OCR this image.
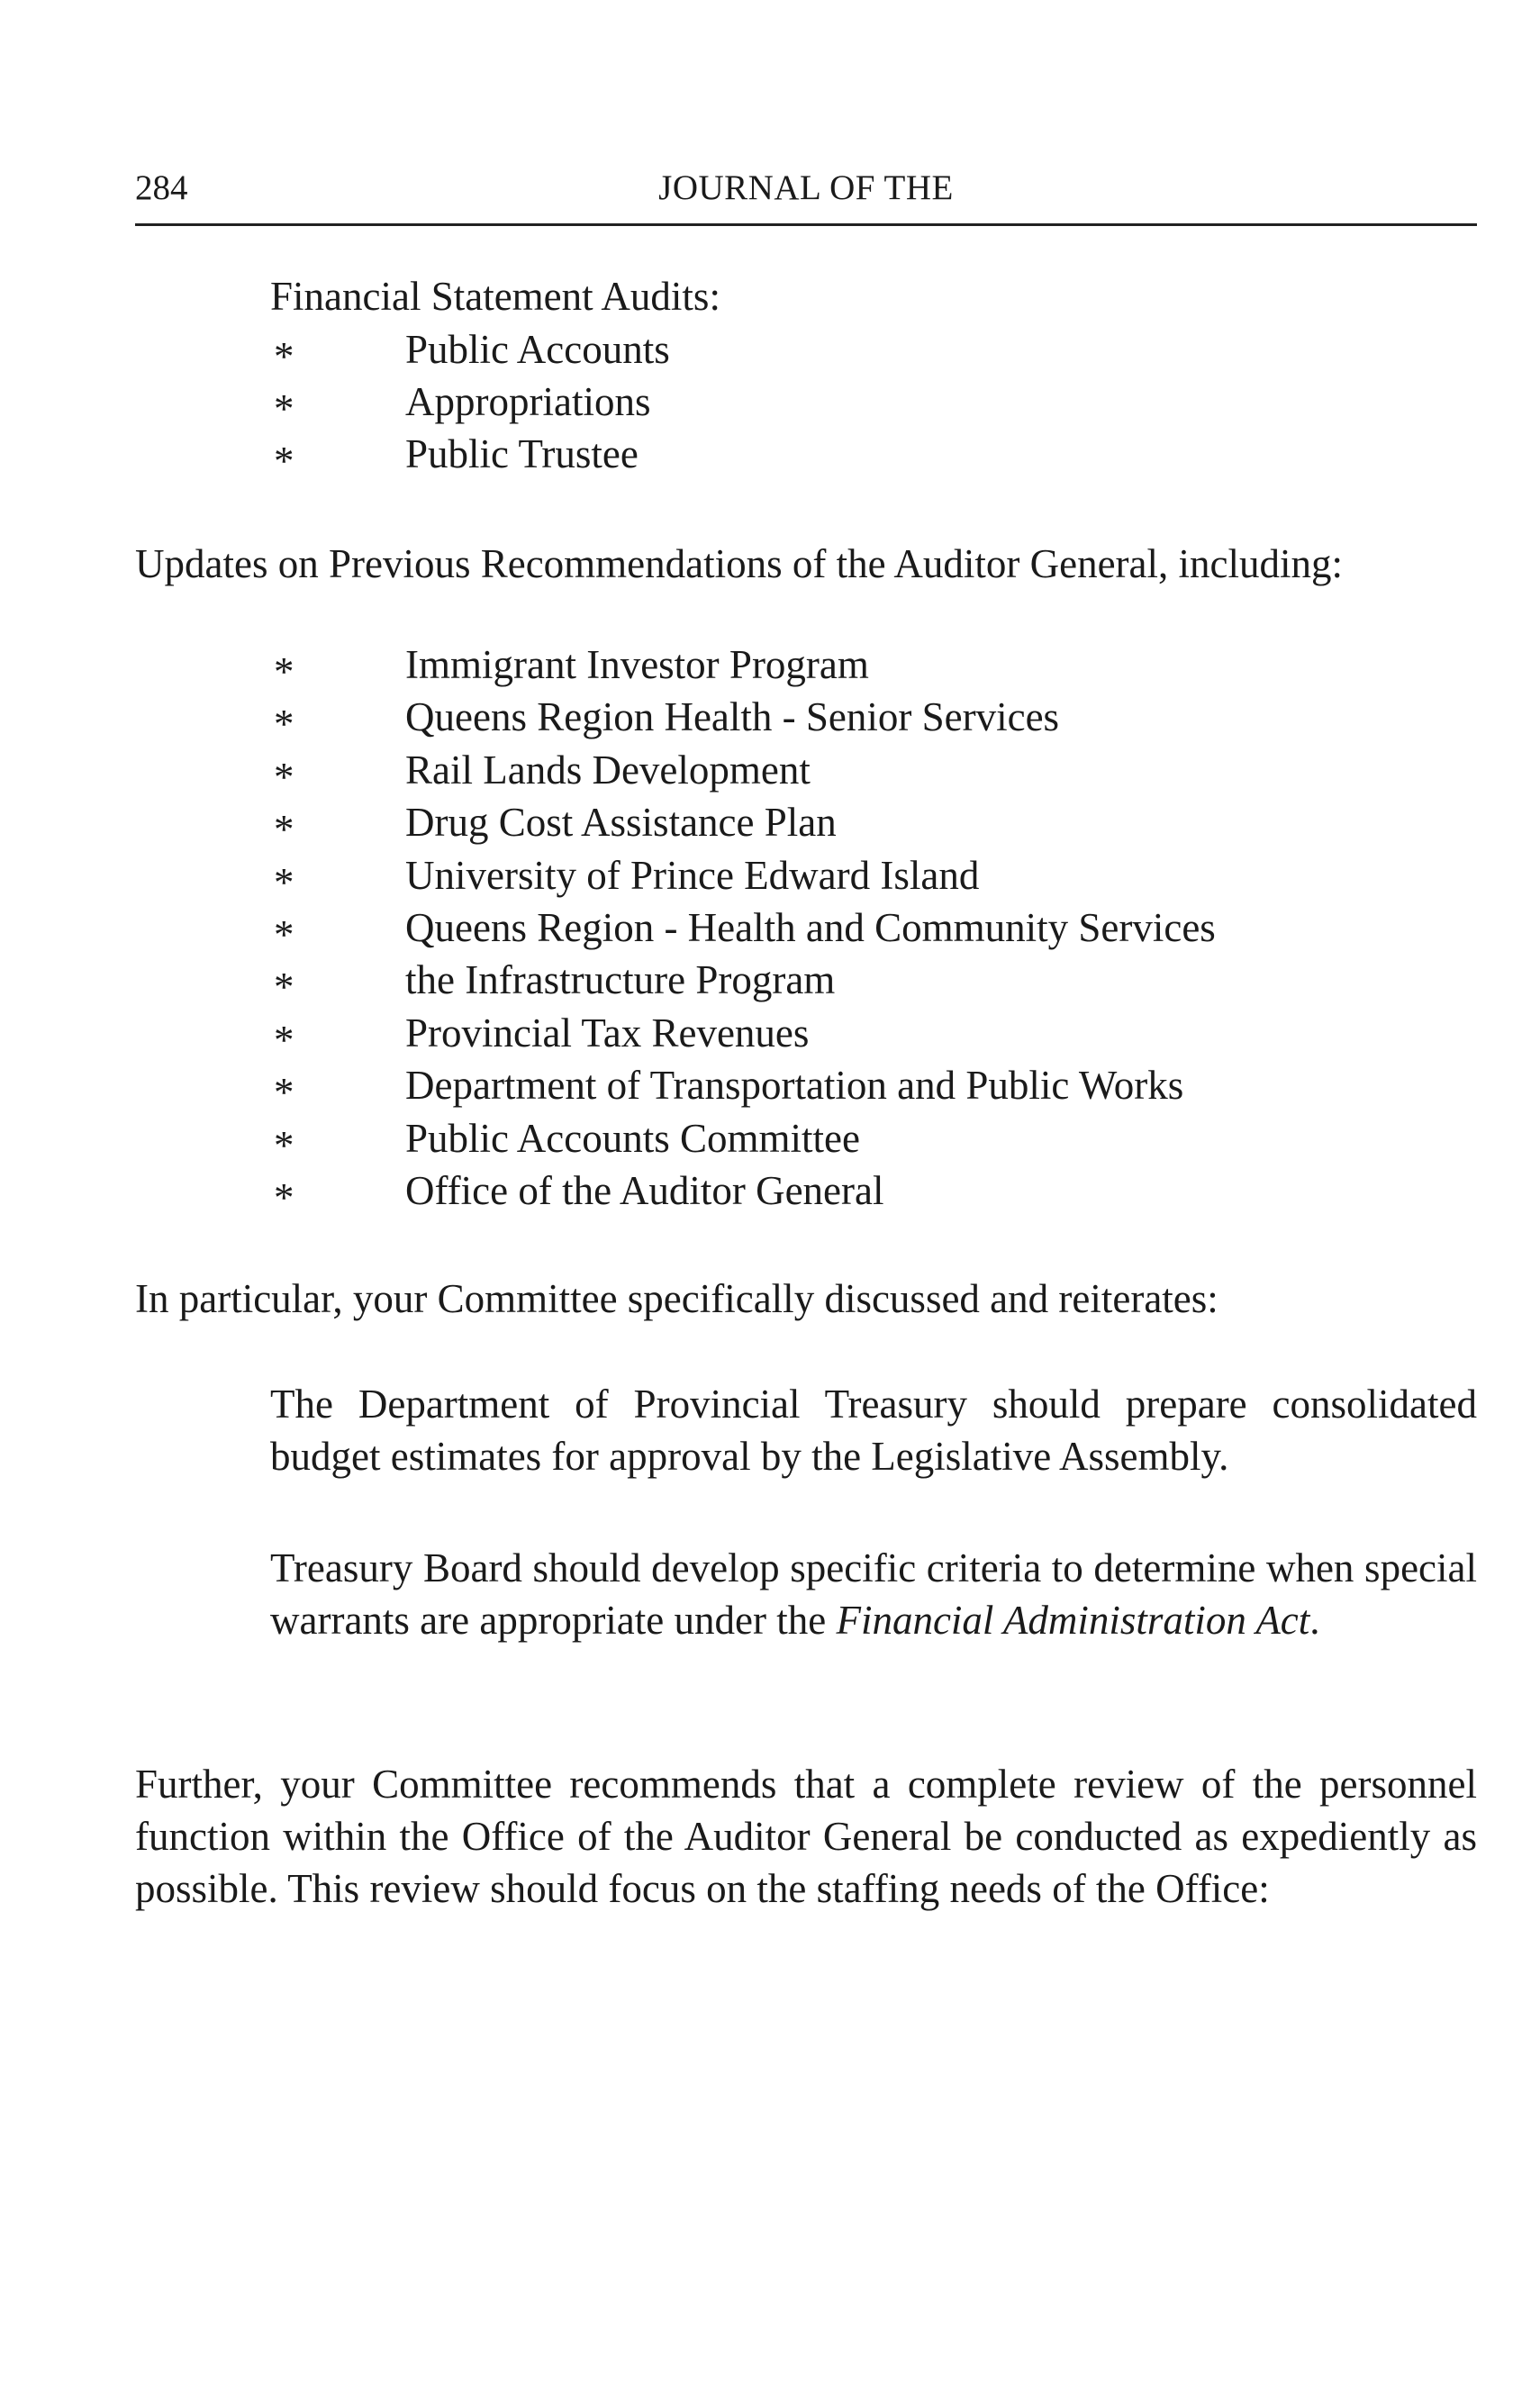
284	JOURNAL OF THE
Financial Statement Audits:
*	Public Accounts
*	Appropriations
*	Public Trustee
Updates on Previous Recommendations of the Auditor General, including:
*	Immigrant Investor Program
*	Queens Region Health - Senior Services
*	Rail Lands Development
*	Drug Cost Assistance Plan
*	University of Prince Edward Island
*	Queens Region - Health and Community Services
*	the Infrastructure Program
*	Provincial Tax Revenues
*	Department of Transportation and Public Works
*	Public Accounts Committee
*	Office of the Auditor General
In particular, your Committee specifically discussed and reiterates:
The Department of Provincial Treasury should prepare consolidated budget estimates for approval by the Legislative Assembly.
Treasury Board should develop specific criteria to determine when special warrants are appropriate under the Financial Administration Act.
Further, your Committee recommends that a complete review of the personnel function within the Office of the Auditor General be conducted as expediently as possible. This review should focus on the staffing needs of the Office:
